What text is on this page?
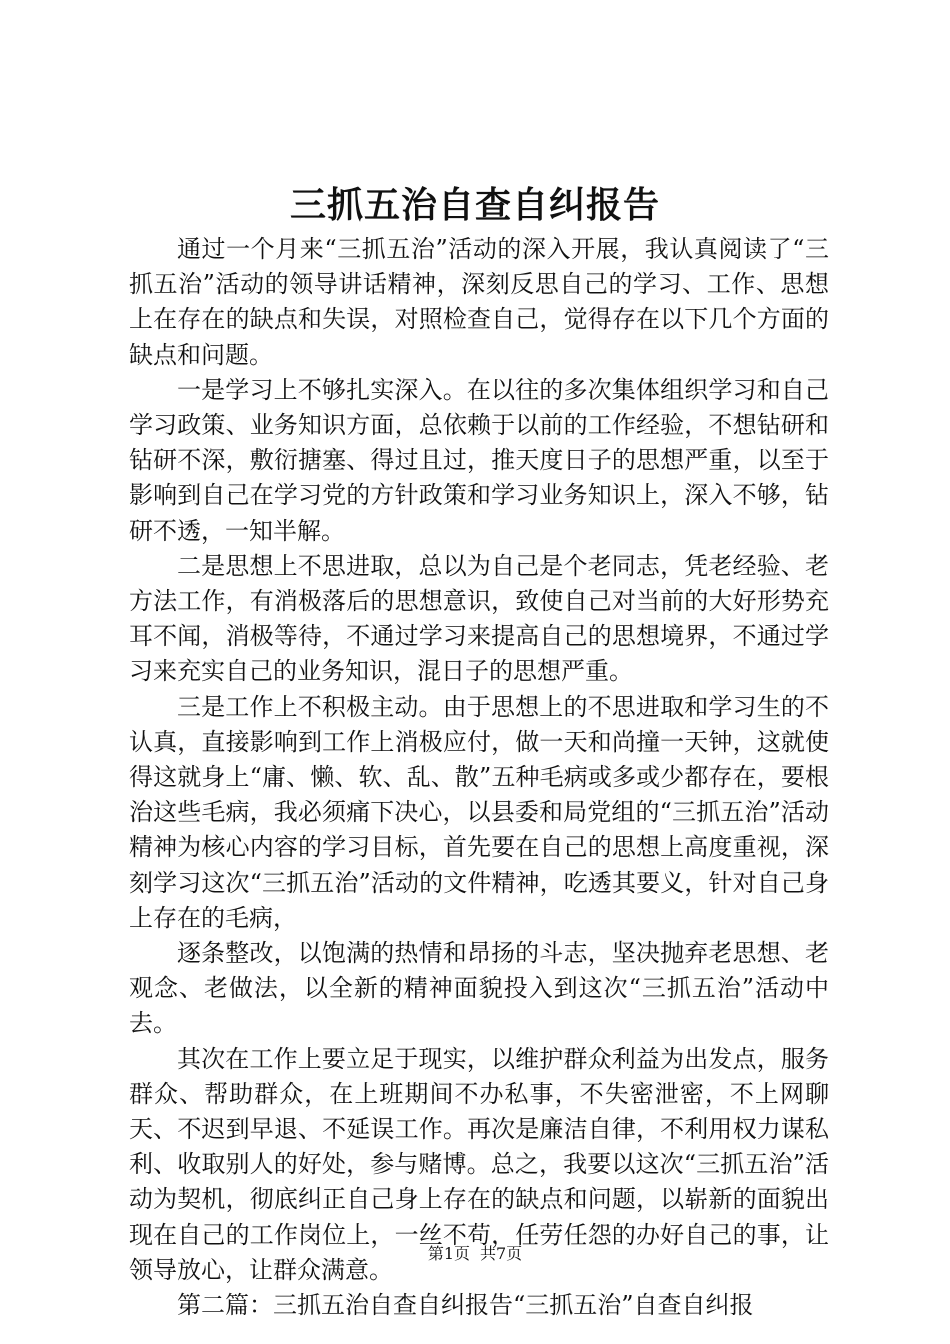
三抓五治自查自纠报告

通过一个月来“三抓五治”活动的深入开展，我认真阅读了“三抓五治”活动的领导讲话精神，深刻反思自己的学习、工作、思想上在存在的缺点和失误，对照检查自己，觉得存在以下几个方面的缺点和问题。

一是学习上不够扎实深入。在以往的多次集体组织学习和自己学习政策、业务知识方面，总依赖于以前的工作经验，不想钻研和钻研不深，敷衍搪塞、得过且过，推天度日子的思想严重，以至于影响到自己在学习党的方针政策和学习业务知识上，深入不够，钻研不透，一知半解。

二是思想上不思进取，总以为自己是个老同志，凭老经验、老方法工作，有消极落后的思想意识，致使自己对当前的大好形势充耳不闻，消极等待，不通过学习来提高自己的思想境界，不通过学习来充实自己的业务知识，混日子的思想严重。

三是工作上不积极主动。由于思想上的不思进取和学习生的不认真，直接影响到工作上消极应付，做一天和尚撞一天钟，这就使得这就身上“庸、懒、软、乱、散”五种毛病或多或少都存在，要根治这些毛病，我必须痛下决心，以县委和局党组的“三抓五治”活动精神为核心内容的学习目标，首先要在自己的思想上高度重视，深刻学习这次“三抓五治”活动的文件精神，吃透其要义，针对自己身上存在的毛病，

逐条整改，以饱满的热情和昂扬的斗志，坚决抛弃老思想、老观念、老做法，以全新的精神面貌投入到这次“三抓五治”活动中去。

其次在工作上要立足于现实，以维护群众利益为出发点，服务群众、帮助群众，在上班期间不办私事，不失密泄密，不上网聊天、不迟到早退、不延误工作。再次是廉洁自律，不利用权力谋私利、收取别人的好处，参与赌博。总之，我要以这次“三抓五治”活动为契机，彻底纠正自己身上存在的缺点和问题，以崭新的面貌出现在自己的工作岗位上，一丝不苟，任劳任怨的办好自己的事，让领导放心，让群众满意。

第二篇：三抓五治自查自纠报告“三抓五治”自查自纠报

第1页 共7页
